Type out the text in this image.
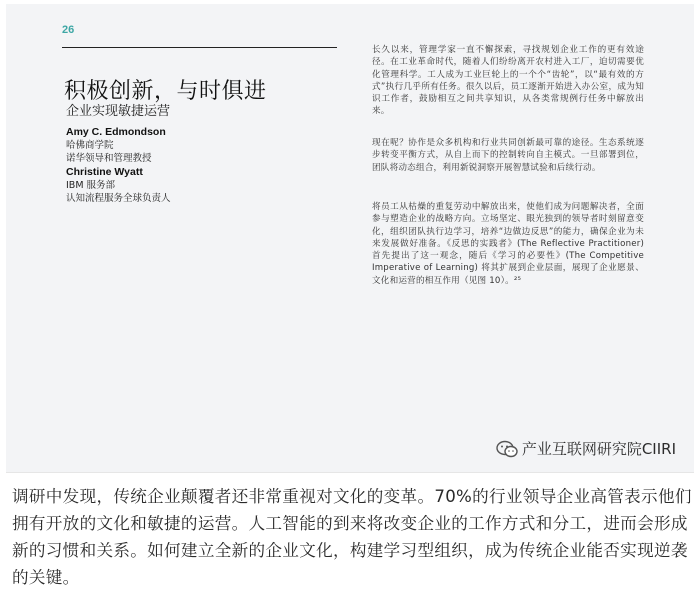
26
积极创新，与时俱进
企业实现敏捷运营
Amy C. Edmondson
哈佛商学院
诺华领导和管理教授
Christine Wyatt
IBM 服务部
认知流程服务全球负责人
长久以来，管理学家一直不懈探索，寻找规划企业工作的更有效途径。在工业革命时代，随着人们纷纷离开农村进入工厂，迫切需要优化管理科学。工人成为工业巨轮上的一个个“齿轮”，以“最有效的方式”执行几乎所有任务。很久以后，员工逐渐开始进入办公室，成为知识工作者，鼓励相互之间共享知识，从各类常规例行任务中解放出来。
现在呢？协作是众多机构和行业共同创新最可靠的途径。生态系统逐步转变平衡方式，从自上而下的控制转向自主模式。一旦部署到位，团队将动态组合，利用新锐洞察开展智慧试验和后续行动。
将员工从枯燥的重复劳动中解放出来，使他们成为问题解决者，全面参与塑造企业的战略方向。立场坚定、眼光独到的领导者时刻留意变化，组织团队执行边学习，培养“边做边反思”的能力，确保企业为未来发展做好准备。《反思的实践者》(The Reflective Practitioner) 首先提出了这一观念，随后《学习的必要性》(The Competitive Imperative of Learning) 将其扩展到企业层面，展现了企业愿景、文化和运营的相互作用（见图 10）。²⁵
产业互联网研究院CIIRI
调研中发现，传统企业颠覆者还非常重视对文化的变革。70%的行业领导企业高管表示他们拥有开放的文化和敏捷的运营。人工智能的到来将改变企业的工作方式和分工，进而会形成新的习惯和关系。如何建立全新的企业文化，构建学习型组织，成为传统企业能否实现逆袭的关键。
